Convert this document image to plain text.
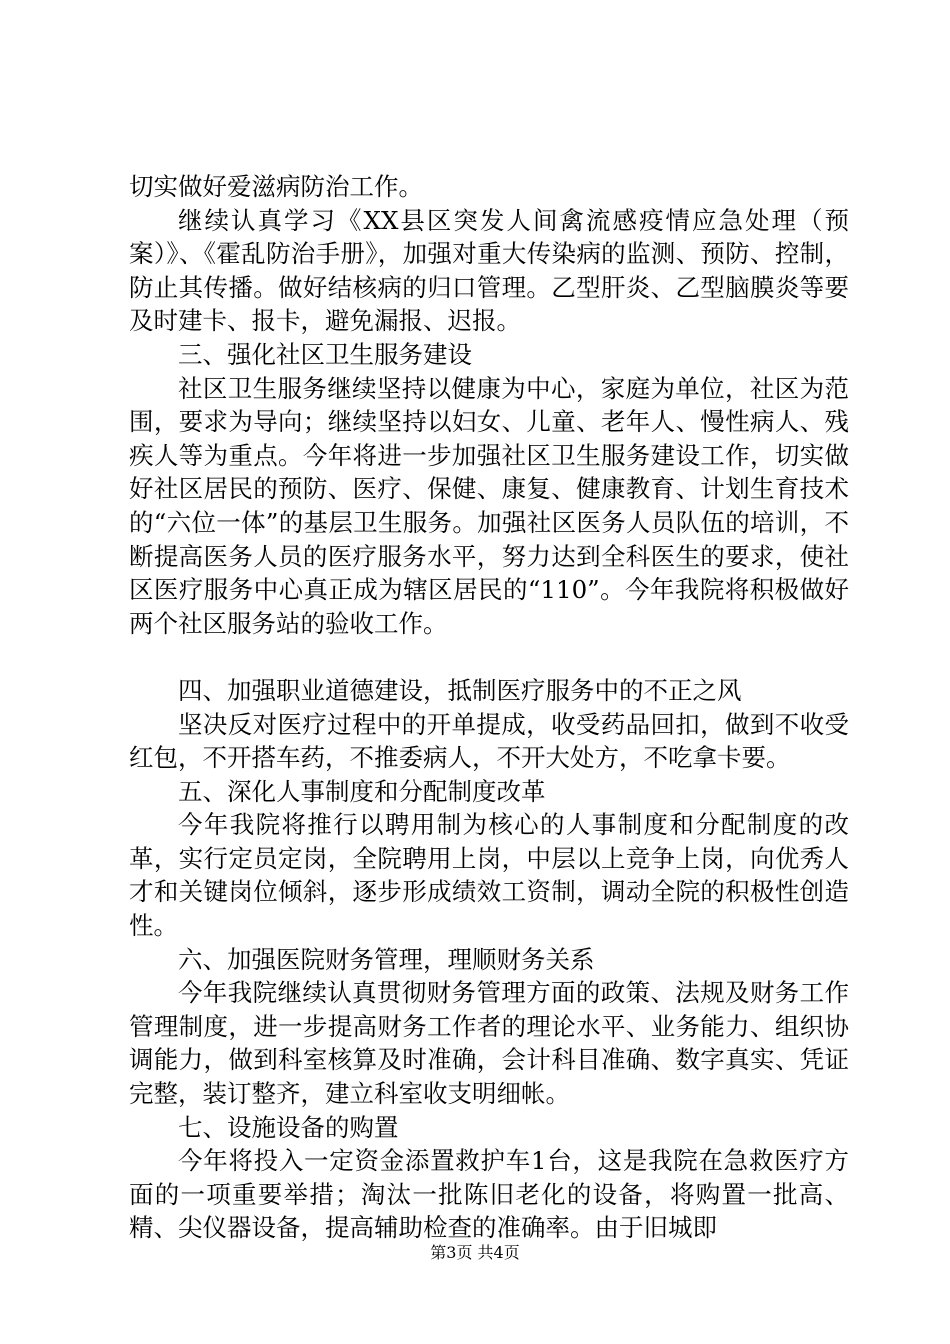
切实做好爱滋病防治工作。

继续认真学习《XX县区突发人间禽流感疫情应急处理（预案）》、《霍乱防治手册》，加强对重大传染病的监测、预防、控制，防止其传播。做好结核病的归口管理。乙型肝炎、乙型脑膜炎等要及时建卡、报卡，避免漏报、迟报。

三、强化社区卫生服务建设

社区卫生服务继续坚持以健康为中心，家庭为单位，社区为范围，要求为导向；继续坚持以妇女、儿童、老年人、慢性病人、残疾人等为重点。今年将进一步加强社区卫生服务建设工作，切实做好社区居民的预防、医疗、保健、康复、健康教育、计划生育技术的“六位一体”的基层卫生服务。加强社区医务人员队伍的培训，不断提高医务人员的医疗服务水平，努力达到全科医生的要求，使社区医疗服务中心真正成为辖区居民的“110”。今年我院将积极做好两个社区服务站的验收工作。

四、加强职业道德建设，抵制医疗服务中的不正之风

坚决反对医疗过程中的开单提成，收受药品回扣，做到不收受红包，不开搭车药，不推委病人，不开大处方，不吃拿卡要。

五、深化人事制度和分配制度改革

今年我院将推行以聘用制为核心的人事制度和分配制度的改革，实行定员定岗，全院聘用上岗，中层以上竞争上岗，向优秀人才和关键岗位倾斜，逐步形成绩效工资制，调动全院的积极性创造性。

六、加强医院财务管理，理顺财务关系

今年我院继续认真贯彻财务管理方面的政策、法规及财务工作管理制度，进一步提高财务工作者的理论水平、业务能力、组织协调能力，做到科室核算及时准确，会计科目准确、数字真实、凭证完整，装订整齐，建立科室收支明细帐。

七、设施设备的购置

今年将投入一定资金添置救护车1台，这是我院在急救医疗方面的一项重要举措；淘汰一批陈旧老化的设备，将购置一批高、精、尖仪器设备，提高辅助检查的准确率。由于旧城即

第3页 共4页
